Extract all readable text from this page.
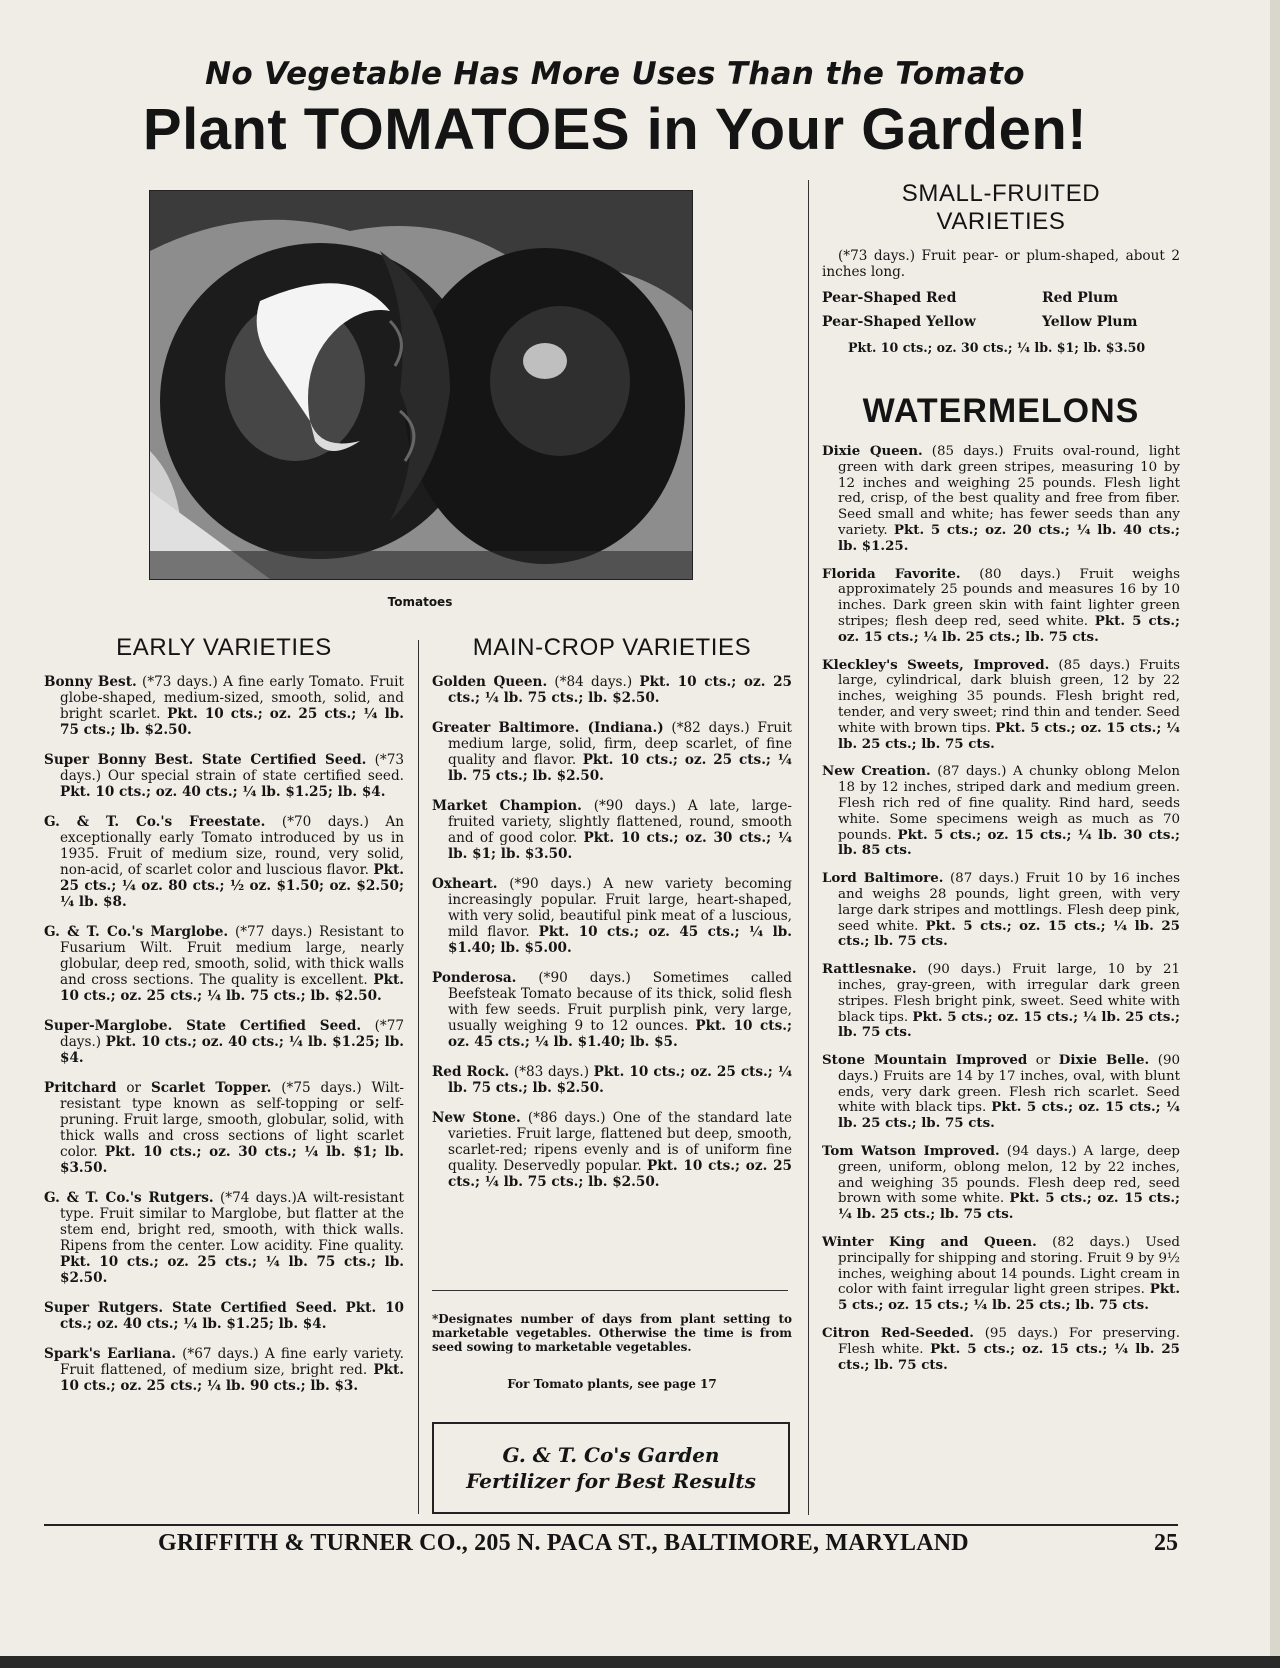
No Vegetable Has More Uses Than the Tomato
Plant TOMATOES in Your Garden!
Tomatoes
EARLY VARIETIES
Bonny Best. (*73 days.) A fine early Tomato. Fruit globe-shaped, medium-sized, smooth, solid, and bright scarlet. Pkt. 10 cts.; oz. 25 cts.; ¼ lb. 75 cts.; lb. $2.50.
Super Bonny Best. State Certified Seed. (*73 days.) Our special strain of state certified seed. Pkt. 10 cts.; oz. 40 cts.; ¼ lb. $1.25; lb. $4.
G. & T. Co.'s Freestate. (*70 days.) An exceptionally early Tomato introduced by us in 1935. Fruit of medium size, round, very solid, non-acid, of scarlet color and luscious flavor. Pkt. 25 cts.; ¼ oz. 80 cts.; ½ oz. $1.50; oz. $2.50; ¼ lb. $8.
G. & T. Co.'s Marglobe. (*77 days.) Resistant to Fusarium Wilt. Fruit medium large, nearly globular, deep red, smooth, solid, with thick walls and cross sections. The quality is excellent. Pkt. 10 cts.; oz. 25 cts.; ¼ lb. 75 cts.; lb. $2.50.
Super-Marglobe. State Certified Seed. (*77 days.) Pkt. 10 cts.; oz. 40 cts.; ¼ lb. $1.25; lb. $4.
Pritchard or Scarlet Topper. (*75 days.) Wilt-resistant type known as self-topping or self-pruning. Fruit large, smooth, globular, solid, with thick walls and cross sections of light scarlet color. Pkt. 10 cts.; oz. 30 cts.; ¼ lb. $1; lb. $3.50.
G. & T. Co.'s Rutgers. (*74 days.)A wilt-resistant type. Fruit similar to Marglobe, but flatter at the stem end, bright red, smooth, with thick walls. Ripens from the center. Low acidity. Fine quality. Pkt. 10 cts.; oz. 25 cts.; ¼ lb. 75 cts.; lb. $2.50.
Super Rutgers. State Certified Seed. Pkt. 10 cts.; oz. 40 cts.; ¼ lb. $1.25; lb. $4.
Spark's Earliana. (*67 days.) A fine early variety. Fruit flattened, of medium size, bright red. Pkt. 10 cts.; oz. 25 cts.; ¼ lb. 90 cts.; lb. $3.
MAIN-CROP VARIETIES
Golden Queen. (*84 days.) Pkt. 10 cts.; oz. 25 cts.; ¼ lb. 75 cts.; lb. $2.50.
Greater Baltimore. (Indiana.) (*82 days.) Fruit medium large, solid, firm, deep scarlet, of fine quality and flavor. Pkt. 10 cts.; oz. 25 cts.; ¼ lb. 75 cts.; lb. $2.50.
Market Champion. (*90 days.) A late, large-fruited variety, slightly flattened, round, smooth and of good color. Pkt. 10 cts.; oz. 30 cts.; ¼ lb. $1; lb. $3.50.
Oxheart. (*90 days.) A new variety becoming increasingly popular. Fruit large, heart-shaped, with very solid, beautiful pink meat of a luscious, mild flavor. Pkt. 10 cts.; oz. 45 cts.; ¼ lb. $1.40; lb. $5.00.
Ponderosa. (*90 days.) Sometimes called Beefsteak Tomato because of its thick, solid flesh with few seeds. Fruit purplish pink, very large, usually weighing 9 to 12 ounces. Pkt. 10 cts.; oz. 45 cts.; ¼ lb. $1.40; lb. $5.
Red Rock. (*83 days.) Pkt. 10 cts.; oz. 25 cts.; ¼ lb. 75 cts.; lb. $2.50.
New Stone. (*86 days.) One of the standard late varieties. Fruit large, flattened but deep, smooth, scarlet-red; ripens evenly and is of uniform fine quality. Deservedly popular. Pkt. 10 cts.; oz. 25 cts.; ¼ lb. 75 cts.; lb. $2.50.
*Designates number of days from plant setting to marketable vegetables. Otherwise the time is from seed sowing to marketable vegetables.
For Tomato plants, see page 17
G. & T. Co's Garden
Fertilizer for Best Results
SMALL-FRUITED
VARIETIES
(*73 days.) Fruit pear- or plum-shaped, about 2 inches long.
Pear-Shaped Red	Red Plum
Pear-Shaped Yellow	Yellow Plum
Pkt. 10 cts.; oz. 30 cts.; ¼ lb. $1; lb. $3.50
WATERMELONS
Dixie Queen. (85 days.) Fruits oval-round, light green with dark green stripes, measuring 10 by 12 inches and weighing 25 pounds. Flesh light red, crisp, of the best quality and free from fiber. Seed small and white; has fewer seeds than any variety. Pkt. 5 cts.; oz. 20 cts.; ¼ lb. 40 cts.; lb. $1.25.
Florida Favorite. (80 days.) Fruit weighs approximately 25 pounds and measures 16 by 10 inches. Dark green skin with faint lighter green stripes; flesh deep red, seed white. Pkt. 5 cts.; oz. 15 cts.; ¼ lb. 25 cts.; lb. 75 cts.
Kleckley's Sweets, Improved. (85 days.) Fruits large, cylindrical, dark bluish green, 12 by 22 inches, weighing 35 pounds. Flesh bright red, tender, and very sweet; rind thin and tender. Seed white with brown tips. Pkt. 5 cts.; oz. 15 cts.; ¼ lb. 25 cts.; lb. 75 cts.
New Creation. (87 days.) A chunky oblong Melon 18 by 12 inches, striped dark and medium green. Flesh rich red of fine quality. Rind hard, seeds white. Some specimens weigh as much as 70 pounds. Pkt. 5 cts.; oz. 15 cts.; ¼ lb. 30 cts.; lb. 85 cts.
Lord Baltimore. (87 days.) Fruit 10 by 16 inches and weighs 28 pounds, light green, with very large dark stripes and mottlings. Flesh deep pink, seed white. Pkt. 5 cts.; oz. 15 cts.; ¼ lb. 25 cts.; lb. 75 cts.
Rattlesnake. (90 days.) Fruit large, 10 by 21 inches, gray-green, with irregular dark green stripes. Flesh bright pink, sweet. Seed white with black tips. Pkt. 5 cts.; oz. 15 cts.; ¼ lb. 25 cts.; lb. 75 cts.
Stone Mountain Improved or Dixie Belle. (90 days.) Fruits are 14 by 17 inches, oval, with blunt ends, very dark green. Flesh rich scarlet. Seed white with black tips. Pkt. 5 cts.; oz. 15 cts.; ¼ lb. 25 cts.; lb. 75 cts.
Tom Watson Improved. (94 days.) A large, deep green, uniform, oblong melon, 12 by 22 inches, and weighing 35 pounds. Flesh deep red, seed brown with some white. Pkt. 5 cts.; oz. 15 cts.; ¼ lb. 25 cts.; lb. 75 cts.
Winter King and Queen. (82 days.) Used principally for shipping and storing. Fruit 9 by 9½ inches, weighing about 14 pounds. Light cream in color with faint irregular light green stripes. Pkt. 5 cts.; oz. 15 cts.; ¼ lb. 25 cts.; lb. 75 cts.
Citron Red-Seeded. (95 days.) For preserving. Flesh white. Pkt. 5 cts.; oz. 15 cts.; ¼ lb. 25 cts.; lb. 75 cts.
GRIFFITH & TURNER CO., 205 N. PACA ST., BALTIMORE, MARYLAND	25
